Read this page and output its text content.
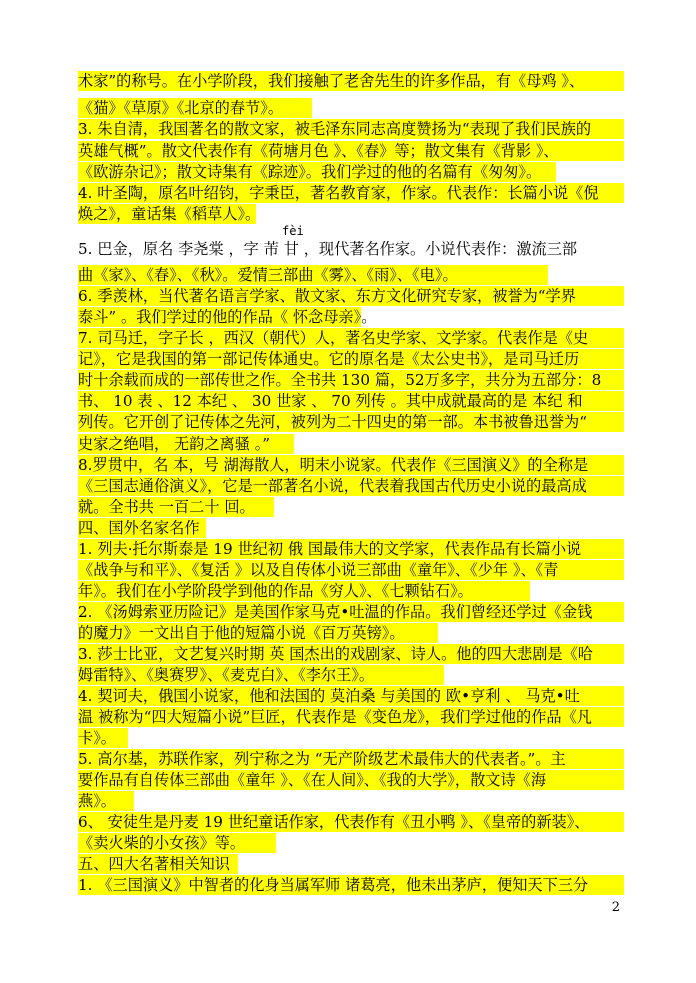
术家”的称号。在小学阶段，我们接触了老舍先生的许多作品，有《母鸡 》、
《猫》《草原》《北京的春节》。
3. 朱自清，我国著名的散文家，被毛泽东同志高度赞扬为“表现了我们民族的
英雄气概”。散文代表作有《荷塘月色 》、《春》等；散文集有《背影 》、
《欧游杂记》；散文诗集有《踪迹》。我们学过的他的名篇有《匆匆》。
4. 叶圣陶，原名叶绍钧，字秉臣，著名教育家，作家。代表作：长篇小说《倪
焕之》，童话集《稻草人》。
5. 巴金，原名 李尧棠 ，字 芾 甘 ，现代著名作家。小说代表作：激流三部
曲《家》、《春》、《秋》。爱情三部曲《雾》、《雨》、《电》。
6. 季羡林，当代著名语言学家、散文家、东方文化研究专家，被誉为“学界
泰斗” 。我们学过的他的作品《 怀念母亲》。
7. 司马迁，字子长 ，西汉（朝代）人，著名史学家、文学家。代表作是《史
记》，它是我国的第一部记传体通史。它的原名是《太公史书》，是司马迁历
时十余载而成的一部传世之作。全书共 130 篇，52万多字，共分为五部分：8
书、 10 表 、12 本纪 、 30 世家 、 70 列传 。其中成就最高的是 本纪 和
列传。它开创了记传体之先河，被列为二十四史的第一部。本书被鲁迅誉为“
史家之绝唱， 无韵之离骚 。”
8.罗贯中，名 本，号 湖海散人，明末小说家。代表作《三国演义》的全称是
《三国志通俗演义》，它是一部著名小说，代表着我国古代历史小说的最高成
就。全书共 一百二十 回。
四、国外名家名作
1. 列夫·托尔斯泰是 19 世纪初 俄 国最伟大的文学家，代表作品有长篇小说
《战争与和平》、《复活 》以及自传体小说三部曲《童年》、《少年 》、《青
年》。我们在小学阶段学到他的作品《穷人》、《七颗钻石》。
2. 《汤姆索亚历险记》是美国作家马克•吐温的作品。我们曾经还学过《金钱
的魔力》一文出自于他的短篇小说《百万英镑》。
3. 莎士比亚，文艺复兴时期 英 国杰出的戏剧家、诗人。他的四大悲剧是《哈
姆雷特》、《奥赛罗》、《麦克白》、《李尔王》。
4. 契诃夫，俄国小说家，他和法国的 莫泊桑 与美国的 欧•亨利 、 马克•吐
温 被称为“四大短篇小说”巨匠，代表作是《变色龙》，我们学过他的作品《凡
卡》。
5. 高尔基，苏联作家，列宁称之为 “无产阶级艺术最伟大的代表者。”。主
要作品有自传体三部曲《童年 》、《在人间》、《我的大学》，散文诗《海
燕》。
6、 安徒生是丹麦 19 世纪童话作家，代表作有《丑小鸭 》、《皇帝的新装》、
《卖火柴的小女孩》等。
五、四大名著相关知识
1. 《三国演义》中智者的化身当属军师 诸葛亮，他未出茅庐，便知天下三分
fèi
2
